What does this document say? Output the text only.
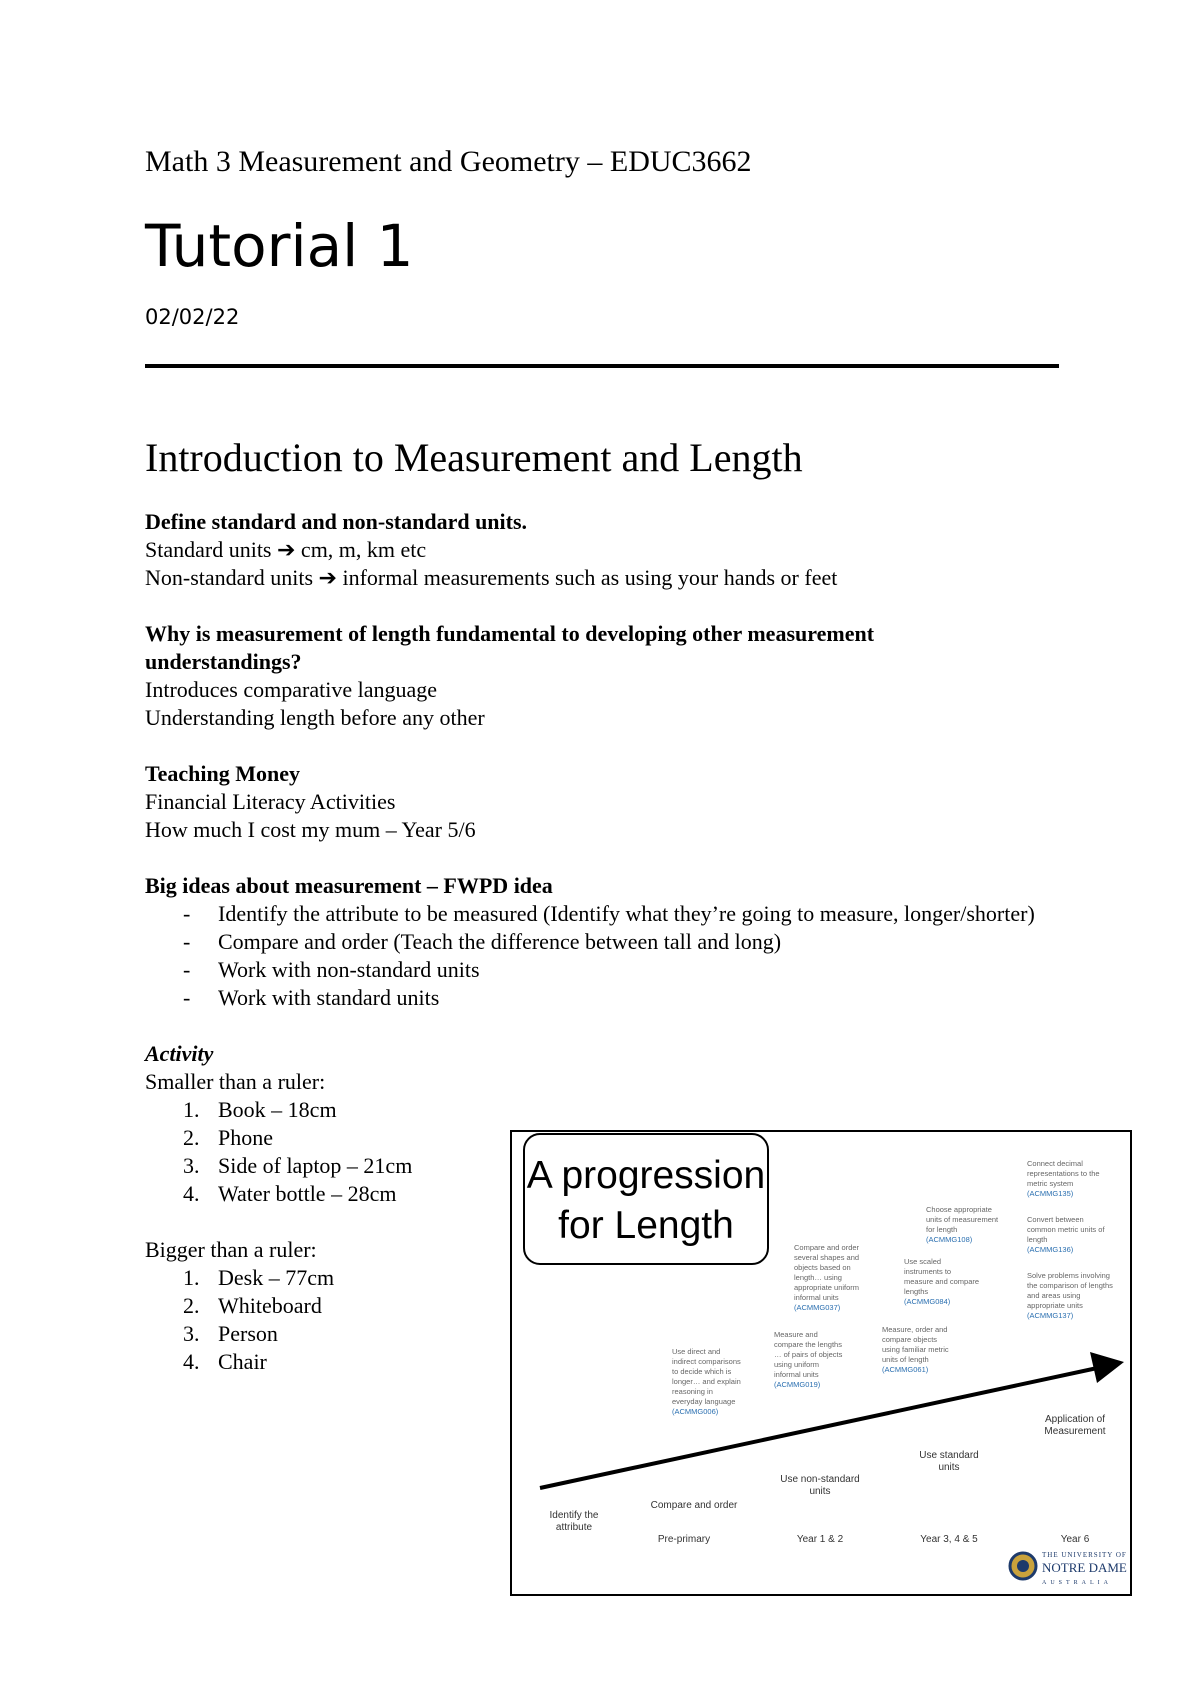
Math 3 Measurement and Geometry – EDUC3662
Tutorial 1
02/02/22
Introduction to Measurement and Length

Define standard and non-standard units.

Standard units ➔ cm, m, km etc

Non-standard units ➔ informal measurements such as using your hands or feet

Why is measurement of length fundamental to developing other measurement

understandings?

Introduces comparative language

Understanding length before any other

Teaching Money

Financial Literacy Activities

How much I cost my mum – Year 5/6

Big ideas about measurement – FWPD idea

- Identify the attribute to be measured (Identify what they’re going to measure, longer/shorter)
- Compare and order (Teach the difference between tall and long)
- Work with non-standard units
- Work with standard units

Activity

Smaller than a ruler:

1. Book – 18cm
2. Phone
3. Side of laptop – 21cm
4. Water bottle – 28cm

Bigger than a ruler:

1. Desk – 77cm
2. Whiteboard
3. Person
4. Chair
A progression
for Length
Identify the
attribute
Compare and order
Use non-standard
units
Use standard
units
Application of
Measurement
Pre-primary	Year 1 & 2	Year 3, 4 & 5	Year 6
Use direct and
indirect comparisons
to decide which is
longer… and explain
reasoning in
everyday language
(ACMMG006)
Measure and
compare the lengths
… of pairs of objects
using uniform
informal units
(ACMMG019)
Compare and order
several shapes and
objects based on
length… using
appropriate uniform
informal units
(ACMMG037)
Use scaled
instruments to
measure and compare
lengths
(ACMMG084)
Choose appropriate
units of measurement
for length
(ACMMG108)
Measure, order and
compare objects
using familiar metric
units of length
(ACMMG061)
Connect decimal
representations to the
metric system
(ACMMG135)
Convert between
common metric units of
length
(ACMMG136)
Solve problems involving
the comparison of lengths
and areas using
appropriate units
(ACMMG137)
THE UNIVERSITY OF
NOTRE DAME
AUSTRALIA
